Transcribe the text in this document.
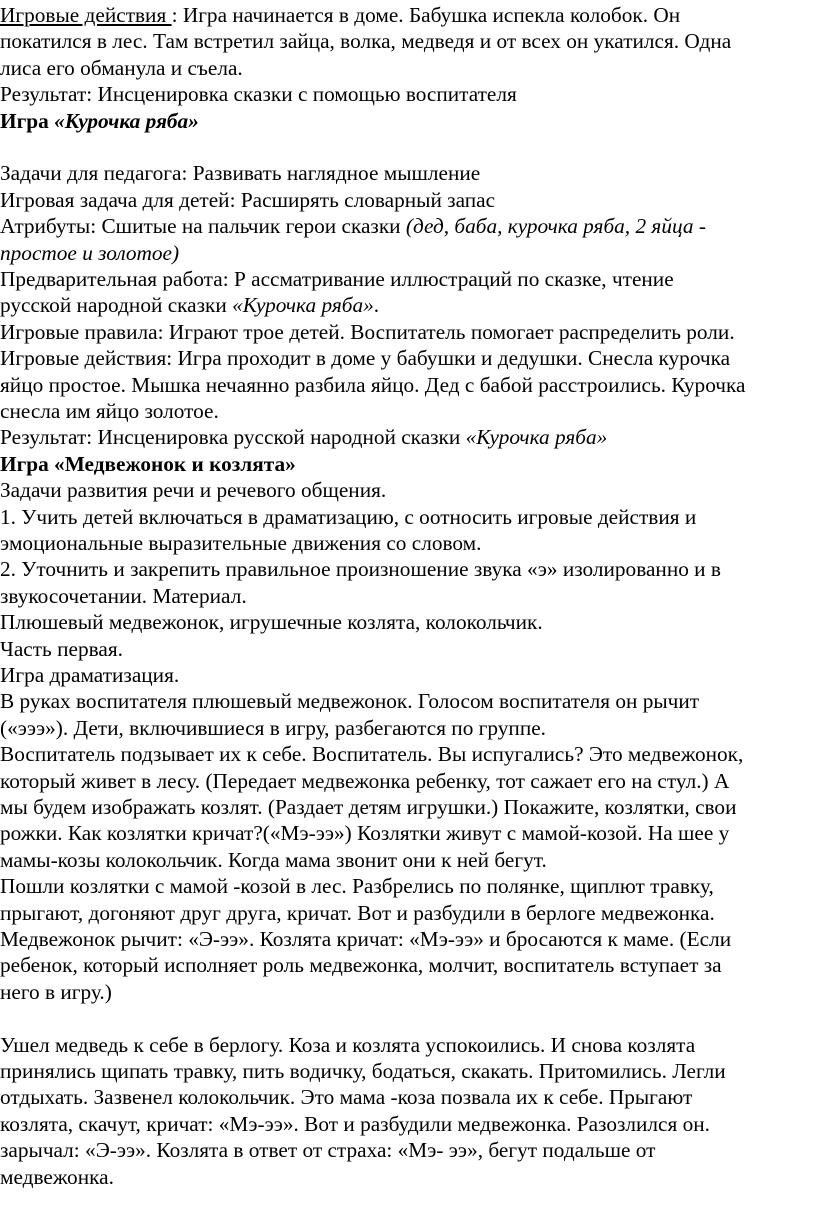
Игровые действия : Игра начинается в доме. Бабушка испекла колобок. Он

покатился в лес. Там встретил зайца, волка, медведя и от всех он укатился. Одна

лиса его обманула и съела.

Результат: Инсценировка сказки с помощью воспитателя

Игра «Курочка ряба»

Задачи для педагога: Развивать наглядное мышление

Игровая задача для детей: Расширять словарный запас

Атрибуты: Сшитые на пальчик герои сказки (дед, баба, курочка ряба, 2 яйца -

простое и золотое)

Предварительная работа: Р ассматривание иллюстраций по сказке, чтение

русской народной сказки «Курочка ряба».

Игровые правила: Играют трое детей. Воспитатель помогает распределить роли.

Игровые действия: Игра проходит в доме у бабушки и дедушки. Снесла курочка

яйцо простое. Мышка нечаянно разбила яйцо. Дед с бабой расстроились. Курочка

снесла им яйцо золотое.

Результат: Инсценировка русской народной сказки «Курочка ряба»

Игра «Медвежонок и козлята»

Задачи развития речи и речевого общения.

1. Учить детей включаться в драматизацию, с оотносить игровые действия и

эмоциональные выразительные движения со словом.

2. Уточнить и закрепить правильное произношение звука «э» изолированно и в

звукосочетании. Материал.

Плюшевый медвежонок, игрушечные козлята, колокольчик.

Часть первая.

Игра драматизация.

В руках воспитателя плюшевый медвежонок. Голосом воспитателя он рычит

(«эээ»). Дети, включившиеся в игру, разбегаются по группе.

Воспитатель подзывает их к себе. Воспитатель. Вы испугались? Это медвежонок,

который живет в лесу. (Передает медвежонка ребенку, тот сажает его на стул.) А

мы будем изображать козлят. (Раздает детям игрушки.) Покажите, козлятки, свои

рожки. Как козлятки кричат?(«Мэ-ээ») Козлятки живут с мамой-козой. На шее у

мамы-козы колокольчик. Когда мама звонит они к ней бегут.

Пошли козлятки с мамой -козой в лес. Разбрелись по полянке, щиплют травку,

прыгают, догоняют друг друга, кричат. Вот и разбудили в берлоге медвежонка.

Медвежонок рычит: «Э-ээ». Козлята кричат: «Мэ-ээ» и бросаются к маме. (Если

ребенок, который исполняет роль медвежонка, молчит, воспитатель вступает за

него в игру.)

Ушел медведь к себе в берлогу. Коза и козлята успокоились. И снова козлята

принялись щипать травку, пить водичку, бодаться, скакать. Притомились. Легли

отдыхать. Зазвенел колокольчик. Это мама -коза позвала их к себе. Прыгают

козлята, скачут, кричат: «Мэ-ээ». Вот и разбудили медвежонка. Разозлился он.

зарычал: «Э-ээ». Козлята в ответ от страха: «Мэ- ээ», бегут подальше от

медвежонка.
